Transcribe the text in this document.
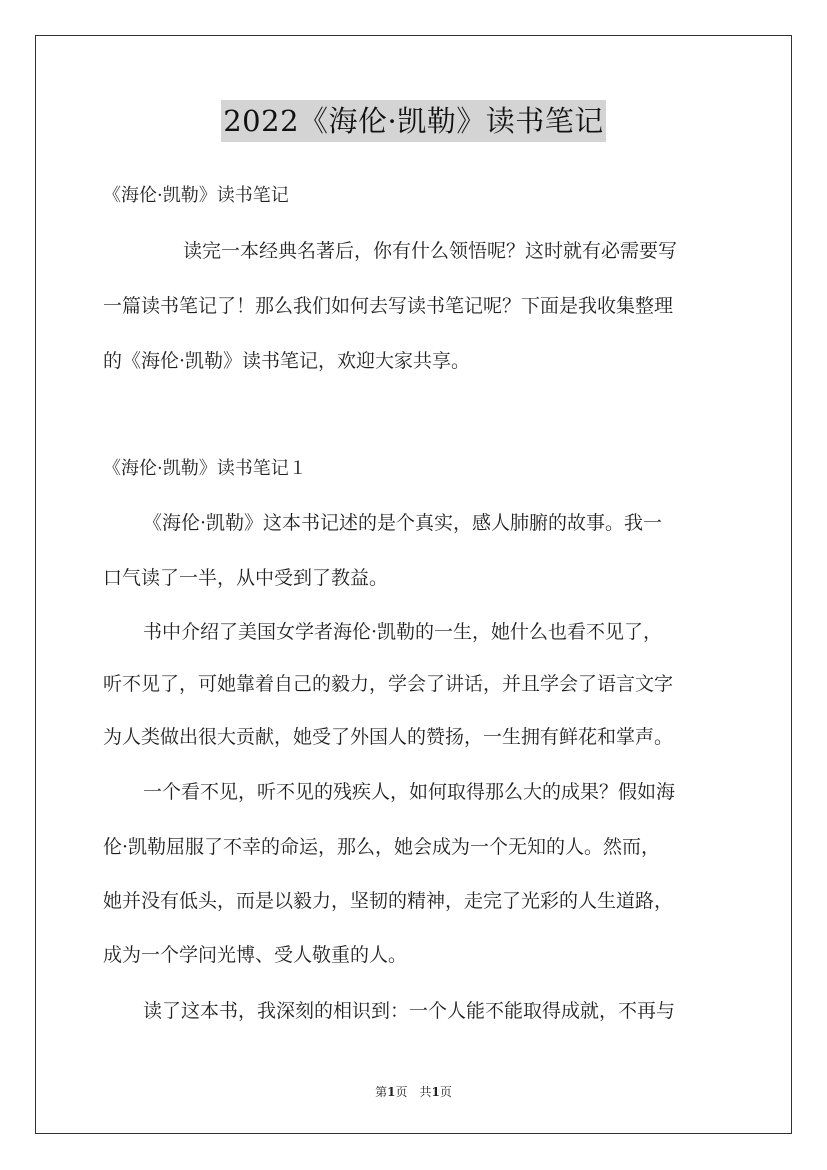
2022《海伦·凯勒》读书笔记
《海伦·凯勒》读书笔记
读完一本经典名著后，你有什么领悟呢？这时就有必需要写
一篇读书笔记了！那么我们如何去写读书笔记呢？下面是我收集整理
的《海伦·凯勒》读书笔记，欢迎大家共享。
《海伦·凯勒》读书笔记１
《海伦·凯勒》这本书记述的是个真实，感人肺腑的故事。我一
口气读了一半，从中受到了教益。
书中介绍了美国女学者海伦·凯勒的一生，她什么也看不见了，
听不见了，可她靠着自己的毅力，学会了讲话，并且学会了语言文字
为人类做出很大贡献，她受了外国人的赞扬，一生拥有鲜花和掌声。
一个看不见，听不见的残疾人，如何取得那么大的成果？假如海
伦·凯勒屈服了不幸的命运，那么，她会成为一个无知的人。然而，
她并没有低头，而是以毅力，坚韧的精神，走完了光彩的人生道路，
成为一个学问光博、受人敬重的人。
读了这本书，我深刻的相识到：一个人能不能取得成就，不再与
第1页　共1页
